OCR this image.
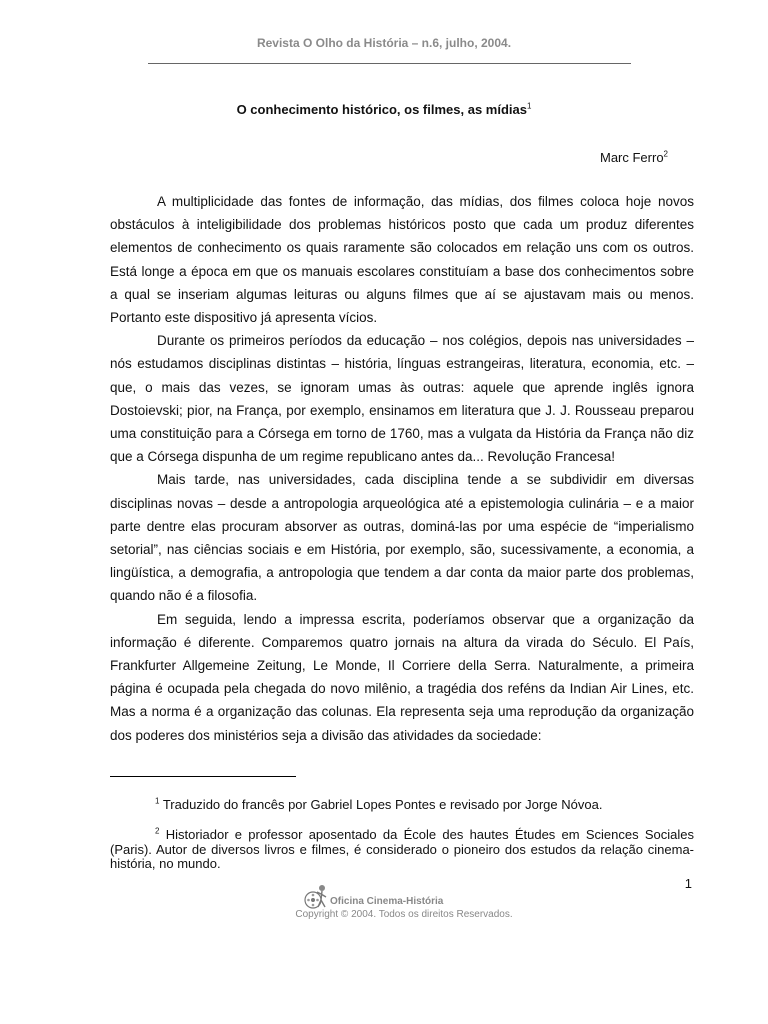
Revista O Olho da História – n.6, julho, 2004.
O conhecimento histórico, os filmes, as mídias$^1$
Marc Ferro$^2$

A multiplicidade das fontes de informação, das mídias, dos filmes coloca hoje novos obstáculos à inteligibilidade dos problemas históricos posto que cada um produz diferentes elementos de conhecimento os quais raramente são colocados em relação uns com os outros. Está longe a época em que os manuais escolares constituíam a base dos conhecimentos sobre a qual se inseriam algumas leituras ou alguns filmes que aí se ajustavam mais ou menos. Portanto este dispositivo já apresenta vícios.

Durante os primeiros períodos da educação – nos colégios, depois nas universidades – nós estudamos disciplinas distintas – história, línguas estrangeiras, literatura, economia, etc. – que, o mais das vezes, se ignoram umas às outras: aquele que aprende inglês ignora Dostoievski; pior, na França, por exemplo, ensinamos em literatura que J. J. Rousseau preparou uma constituição para a Córsega em torno de 1760, mas a vulgata da História da França não diz que a Córsega dispunha de um regime republicano antes da... Revolução Francesa!

Mais tarde, nas universidades, cada disciplina tende a se subdividir em diversas disciplinas novas – desde a antropologia arqueológica até a epistemologia culinária – e a maior parte dentre elas procuram absorver as outras, dominá-las por uma espécie de “imperialismo setorial”, nas ciências sociais e em História, por exemplo, são, sucessivamente, a economia, a lingüística, a demografia, a antropologia que tendem a dar conta da maior parte dos problemas, quando não é a filosofia.

Em seguida, lendo a impressa escrita, poderíamos observar que a organização da informação é diferente. Comparemos quatro jornais na altura da virada do Século. El País, Frankfurter Allgemeine Zeitung, Le Monde, Il Corriere della Serra. Naturalmente, a primeira página é ocupada pela chegada do novo milênio, a tragédia dos reféns da Indian Air Lines, etc. Mas a norma é a organização das colunas. Ela representa seja uma reprodução da organização dos poderes dos ministérios seja a divisão das atividades da sociedade:

$^1$ Traduzido do francês por Gabriel Lopes Pontes e revisado por Jorge Nóvoa.
$^2$ Historiador e professor aposentado da École des hautes Études em Sciences Sociales (Paris). Autor de diversos livros e filmes, é considerado o pioneiro dos estudos da relação cinema-história, no mundo.
1
Oficina Cinema-História
Copyright © 2004. Todos os direitos Reservados.
